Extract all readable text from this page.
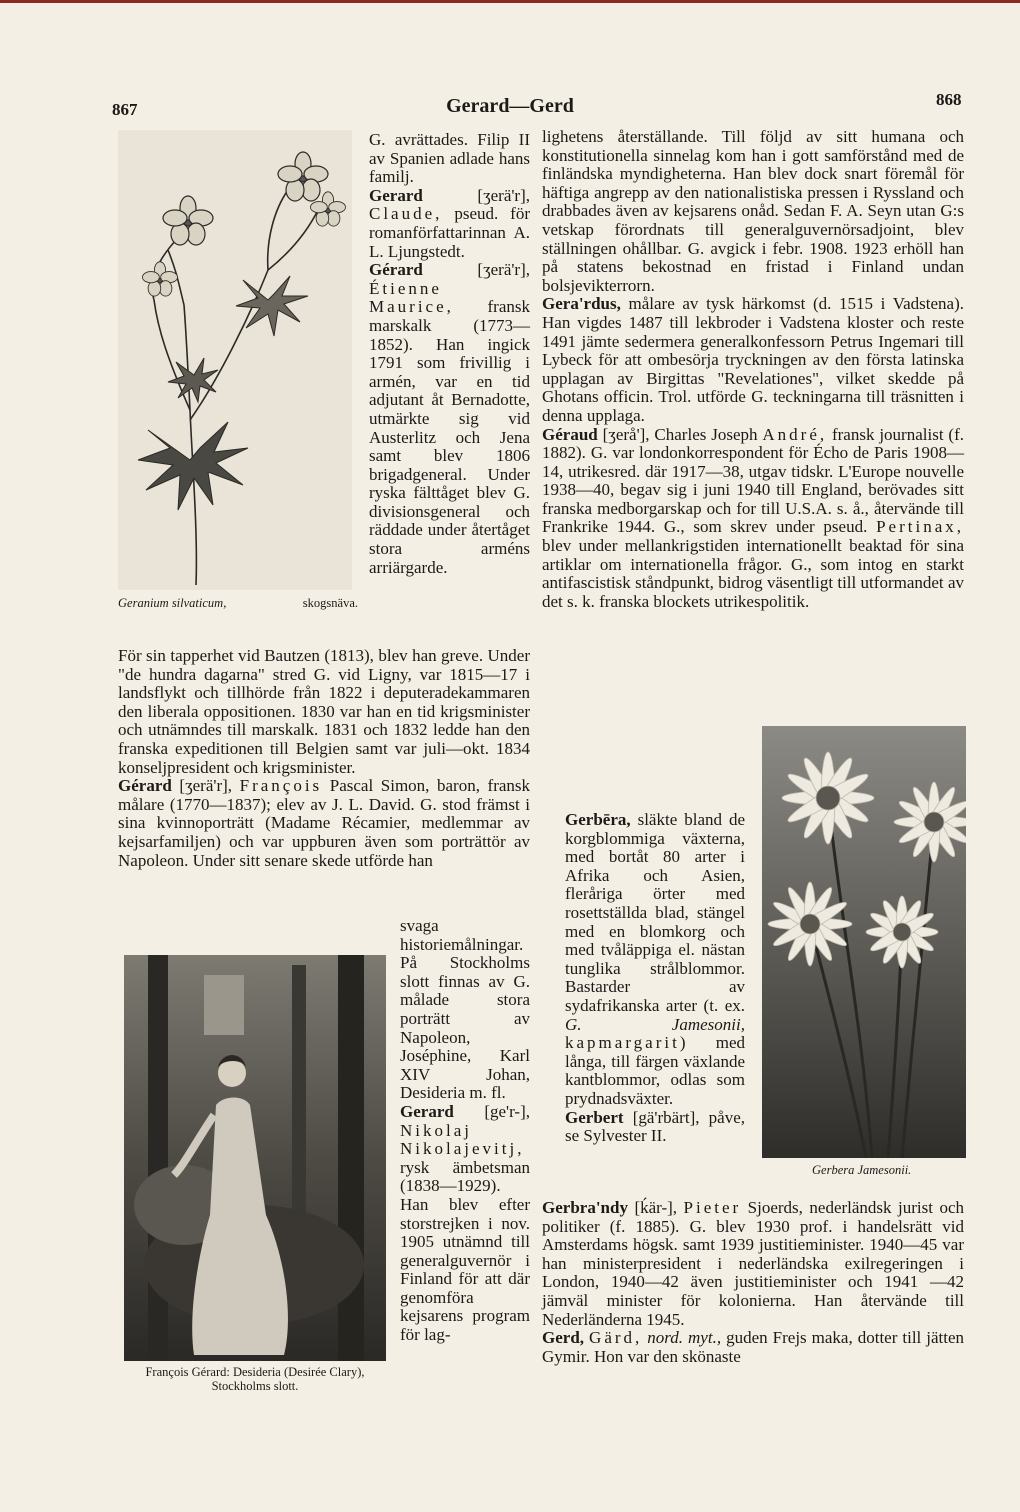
867	Gerard—Gerd	868
Geranium silvaticum,	skogsnäva.

G. avrättades. Filip II av Spanien adlade hans familj.

Gerard	[ʒerä'r], Claude, pseud. för romanförfattarinnan A. L. Ljungstedt.

Gérard	[ʒerä'r], Étienne Maurice, fransk marskalk (1773—1852). Han ingick 1791 som frivillig i armén, var en tid adjutant åt Bernadotte, utmärkte sig vid Austerlitz och Jena samt blev 1806 brigadgeneral. Under ryska fälttåget blev G. divisionsgeneral och räddade under återtåget stora arméns arriärgarde.

För sin tapperhet vid Bautzen (1813), blev han greve. Under "de hundra dagarna" stred G. vid Ligny, var 1815—17 i landsflykt och tillhörde från 1822 i deputeradekammaren den liberala oppositionen. 1830 var han en tid krigsminister och utnämndes till marskalk. 1831 och 1832 ledde han den franska expeditionen till Belgien samt var juli—okt. 1834 konseljpresident och krigsminister.

Gérard [ʒerä'r], François Pascal Simon, baron, fransk målare (1770—1837); elev av J. L. David. G. stod främst i sina kvinnoporträtt (Madame Récamier, medlemmar av kejsarfamiljen) och var uppburen även som porträttör av Napoleon. Under sitt senare skede utförde han

François Gérard: Desideria (Desirée Clary), Stockholms slott.

svaga historiemålningar. På Stockholms slott finnas av G. målade stora porträtt av Napoleon, Joséphine, Karl XIV Johan, Desideria m. fl.

Gerard [ge'r-], Nikolaj Nikolajevitj, rysk ämbetsman (1838—1929). Han blev efter storstrejken i nov. 1905 utnämnd till generalguvernör i Finland för att där genomföra kejsarens program för lag-

lighetens återställande. Till följd av sitt humana och konstitutionella sinnelag kom han i gott samförstånd med de finländska myndigheterna. Han blev dock snart föremål för häftiga angrepp av den nationalistiska pressen i Ryssland och drabbades även av kejsarens onåd. Sedan F. A. Seyn utan G:s vetskap förordnats till generalguvernörsadjoint, blev ställningen ohållbar. G. avgick i febr. 1908. 1923 erhöll han på statens bekostnad en fristad i Finland undan bolsjevikterrorn.

Gera'rdus, målare av tysk härkomst (d. 1515 i Vadstena). Han vigdes 1487 till lekbroder i Vadstena kloster och reste 1491 jämte sedermera generalkonfessorn Petrus Ingemari till Lybeck för att ombesörja tryckningen av den första latinska upplagan av Birgittas "Revelationes", vilket skedde på Ghotans officin. Trol. utförde G. teckningarna till träsnitten i denna upplaga.

Géraud [ʒerå'], Charles Joseph André, fransk journalist (f. 1882). G. var londonkorrespondent för Écho de Paris 1908—14, utrikesred. där 1917—38, utgav tidskr. L'Europe nouvelle 1938—40, begav sig i juni 1940 till England, berövades sitt franska medborgarskap och for till U.S.A. s. å., återvände till Frankrike 1944. G., som skrev under pseud. Pertinax, blev under mellankrigstiden internationellt beaktad för sina artiklar om internationella frågor. G., som intog en starkt antifascistisk ståndpunkt, bidrog väsentligt till utformandet av det s. k. franska blockets utrikespolitik.

Gerbera Jamesonii.

Gerbēra, släkte bland de korgblommiga växterna, med bortåt 80 arter i Afrika och Asien, fleråriga örter med rosettställda blad, stängel med en blomkorg och med tvåläppiga el. nästan tunglika strålblommor. Bastarder av sydafrikanska arter (t. ex. G. Jamesonii, kapmargarit) med långa, till färgen växlande kantblommor, odlas som prydnadsväxter.

Gerbert [gä'rbärt], påve, se Sylvester II.

Gerbra'ndy [ḱär-], Pieter Sjoerds, nederländsk jurist och politiker (f. 1885). G. blev 1930 prof. i handelsrätt vid Amsterdams högsk. samt 1939 justitieminister. 1940—45 var han ministerpresident i nederländska exilregeringen i London, 1940—42 även justitieminister och 1941 —42 jämväl minister för kolonierna. Han återvände till Nederländerna 1945.

Gerd, Gärd, nord. myt., guden Frejs maka, dotter till jätten Gymir. Hon var den skönaste
